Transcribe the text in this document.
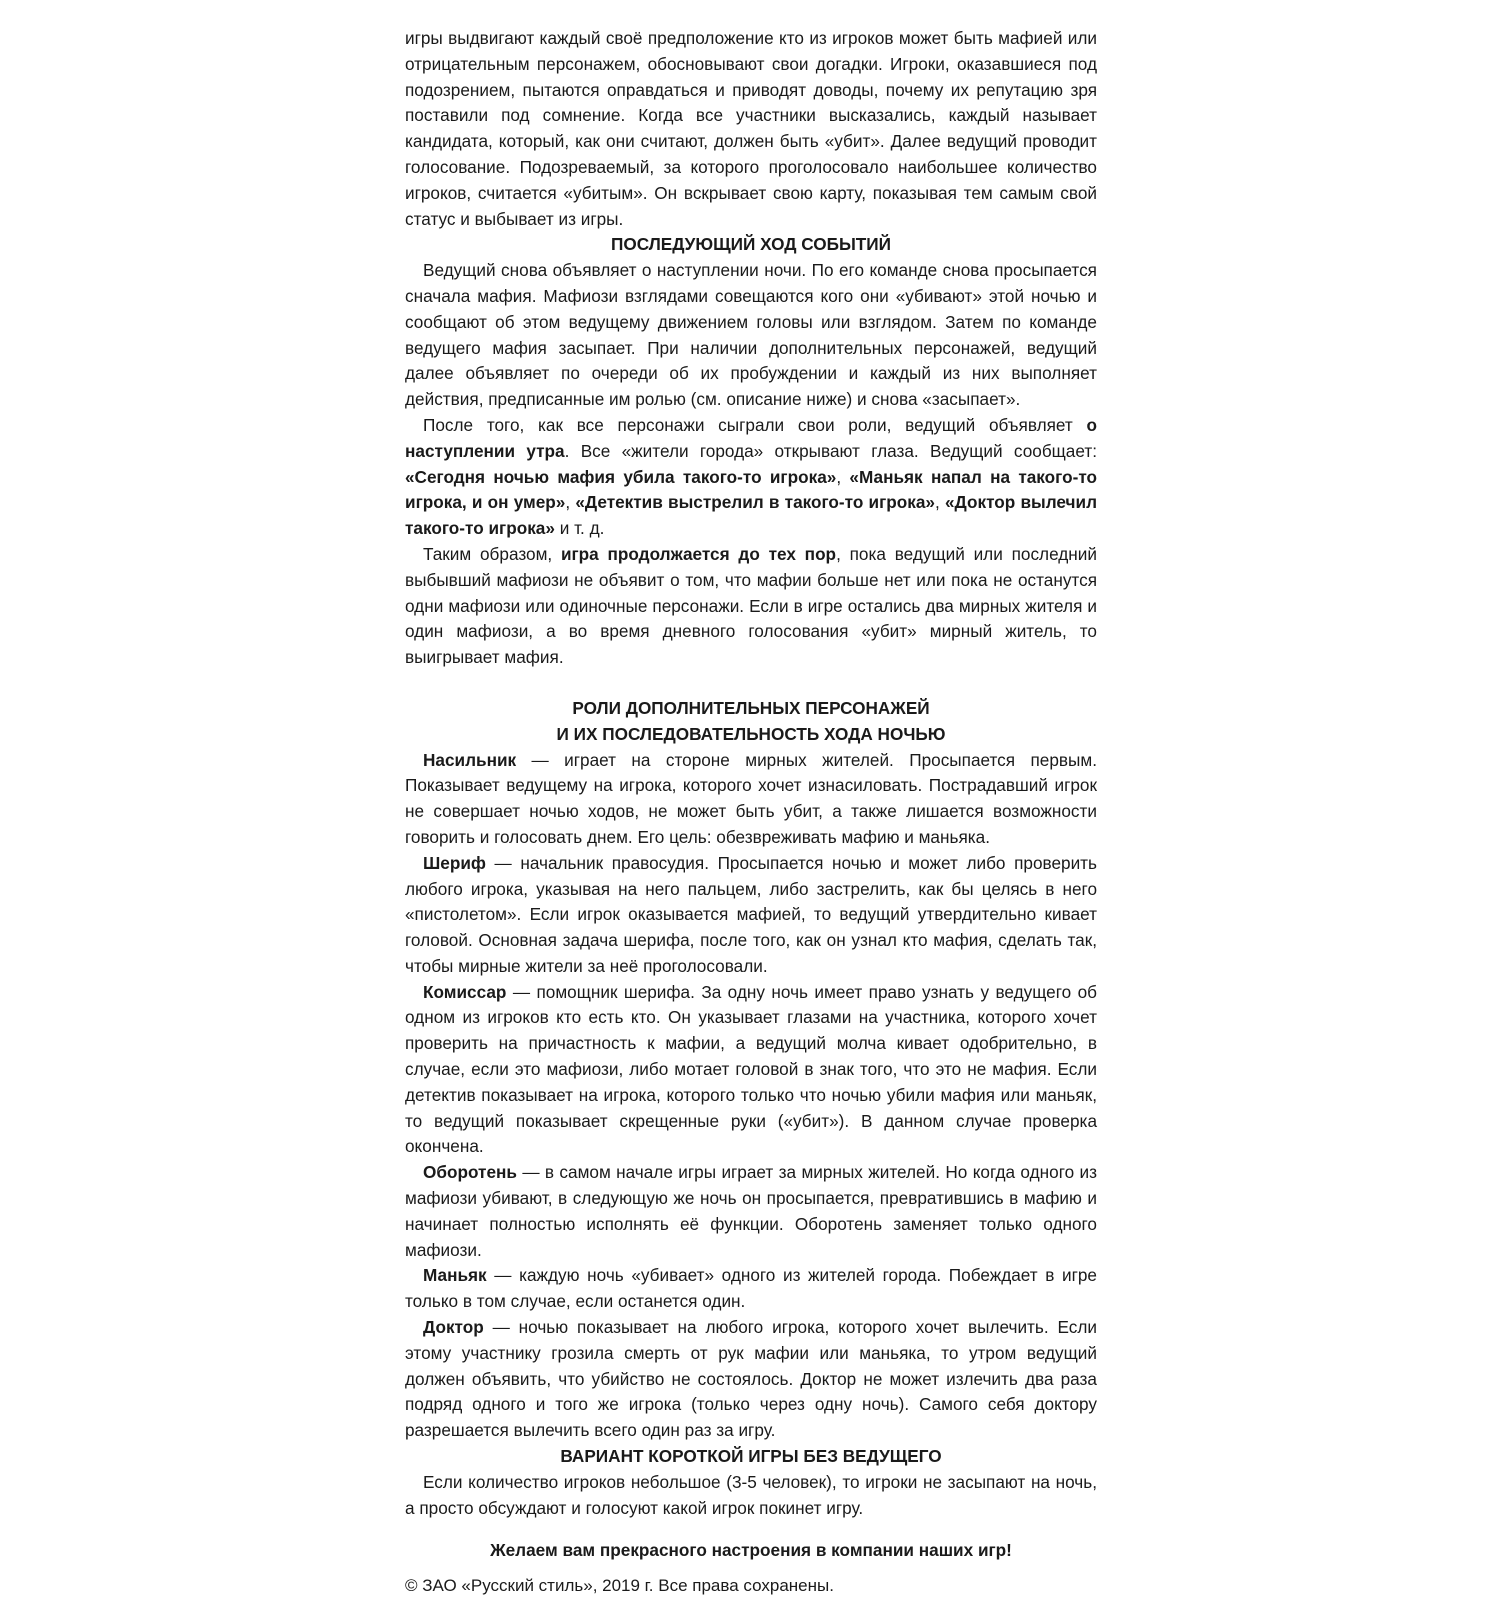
игры выдвигают каждый своё предположение кто из игроков может быть мафией или отрицательным персонажем, обосновывают свои догадки. Игроки, оказавшиеся под подозрением, пытаются оправдаться и приводят доводы, почему их репутацию зря поставили под сомнение. Когда все участники высказались, каждый называет кандидата, который, как они считают, должен быть «убит». Далее ведущий проводит голосование. Подозреваемый, за которого проголосовало наибольшее количество игроков, считается «убитым». Он вскрывает свою карту, показывая тем самым свой статус и выбывает из игры.

ПОСЛЕДУЮЩИЙ ХОД СОБЫТИЙ

Ведущий снова объявляет о наступлении ночи. По его команде снова просыпается сначала мафия. Мафиози взглядами совещаются кого они «убивают» этой ночью и сообщают об этом ведущему движением головы или взглядом. Затем по команде ведущего мафия засыпает. При наличии дополнительных персонажей, ведущий далее объявляет по очереди об их пробуждении и каждый из них выполняет действия, предписанные им ролью (см. описание ниже) и снова «засыпает».

После того, как все персонажи сыграли свои роли, ведущий объявляет о наступлении утра. Все «жители города» открывают глаза. Ведущий сообщает: «Сегодня ночью мафия убила такого-то игрока», «Маньяк напал на такого-то игрока, и он умер», «Детектив выстрелил в такого-то игрока», «Доктор вылечил такого-то игрока» и т. д.

Таким образом, игра продолжается до тех пор, пока ведущий или последний выбывший мафиози не объявит о том, что мафии больше нет или пока не останутся одни мафиози или одиночные персонажи. Если в игре остались два мирных жителя и один мафиози, а во время дневного голосования «убит» мирный житель, то выигрывает мафия.

РОЛИ ДОПОЛНИТЕЛЬНЫХ ПЕРСОНАЖЕЙ
И ИХ ПОСЛЕДОВАТЕЛЬНОСТЬ ХОДА НОЧЬЮ

Насильник — играет на стороне мирных жителей. Просыпается первым. Показывает ведущему на игрока, которого хочет изнасиловать. Пострадавший игрок не совершает ночью ходов, не может быть убит, а также лишается возможности говорить и голосовать днем. Его цель: обезвреживать мафию и маньяка.

Шериф — начальник правосудия. Просыпается ночью и может либо проверить любого игрока, указывая на него пальцем, либо застрелить, как бы целясь в него «пистолетом». Если игрок оказывается мафией, то ведущий утвердительно кивает головой. Основная задача шерифа, после того, как он узнал кто мафия, сделать так, чтобы мирные жители за неё проголосовали.

Комиссар — помощник шерифа. За одну ночь имеет право узнать у ведущего об одном из игроков кто есть кто. Он указывает глазами на участника, которого хочет проверить на причастность к мафии, а ведущий молча кивает одобрительно, в случае, если это мафиози, либо мотает головой в знак того, что это не мафия. Если детектив показывает на игрока, которого только что ночью убили мафия или маньяк, то ведущий показывает скрещенные руки («убит»). В данном случае проверка окончена.

Оборотень — в самом начале игры играет за мирных жителей. Но когда одного из мафиози убивают, в следующую же ночь он просыпается, превратившись в мафию и начинает полностью исполнять её функции. Оборотень заменяет только одного мафиози.

Маньяк — каждую ночь «убивает» одного из жителей города. Побеждает в игре только в том случае, если останется один.

Доктор — ночью показывает на любого игрока, которого хочет вылечить. Если этому участнику грозила смерть от рук мафии или маньяка, то утром ведущий должен объявить, что убийство не состоялось. Доктор не может излечить два раза подряд одного и того же игрока (только через одну ночь). Самого себя доктору разрешается вылечить всего один раз за игру.

ВАРИАНТ КОРОТКОЙ ИГРЫ БЕЗ ВЕДУЩЕГО

Если количество игроков небольшое (3-5 человек), то игроки не засыпают на ночь, а просто обсуждают и голосуют какой игрок покинет игру.

Желаем вам прекрасного настроения в компании наших игр!

© ЗАО «Русский стиль», 2019 г. Все права сохранены.
